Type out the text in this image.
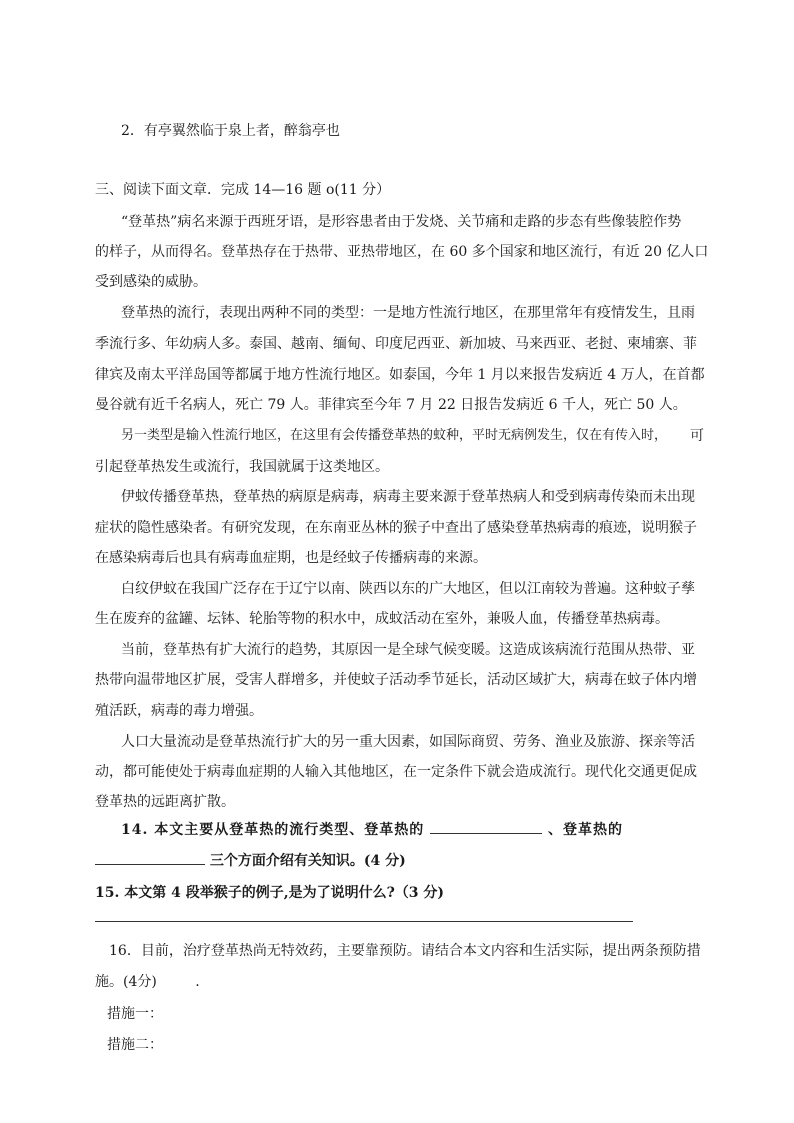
2．有亭翼然临于泉上者，醉翁亭也
三、阅读下面文章．完成 14—16 题 o(11 分）
“登革热”病名来源于西班牙语，是形容患者由于发烧、关节痛和走路的步态有些像装腔作势
的样子，从而得名。登革热存在于热带、亚热带地区，在 60 多个国家和地区流行，有近 20 亿人口
受到感染的威胁。
登革热的流行，表现出两种不同的类型：一是地方性流行地区，在那里常年有疫情发生，且雨
季流行多、年幼病人多。泰国、越南、缅甸、印度尼西亚、新加坡、马来西亚、老挝、柬埔寨、菲
律宾及南太平洋岛国等都属于地方性流行地区。如泰国，今年 1 月以来报告发病近 4 万人，在首都
曼谷就有近千名病人，死亡 79 人。菲律宾至今年 7 月 22 日报告发病近 6 千人，死亡 50 人。
另一类型是输入性流行地区，在这里有会传播登革热的蚊种，平时无病例发生，仅在有传入时， 可
引起登革热发生或流行，我国就属于这类地区。
伊蚊传播登革热，登革热的病原是病毒，病毒主要来源于登革热病人和受到病毒传染而未出现
症状的隐性感染者。有研究发现，在东南亚丛林的猴子中查出了感染登革热病毒的痕迹，说明猴子
在感染病毒后也具有病毒血症期，也是经蚊子传播病毒的来源。
白纹伊蚊在我国广泛存在于辽宁以南、陕西以东的广大地区，但以江南较为普遍。这种蚊子孳
生在废弃的盆罐、坛钵、轮胎等物的积水中，成蚊活动在室外，兼吸人血，传播登革热病毒。
当前，登革热有扩大流行的趋势，其原因一是全球气候变暖。这造成该病流行范围从热带、亚
热带向温带地区扩展，受害人群增多，并使蚊子活动季节延长，活动区域扩大，病毒在蚊子体内增
殖活跃，病毒的毒力增强。
人口大量流动是登革热流行扩大的另一重大因素，如国际商贸、劳务、渔业及旅游、探亲等活
动，都可能使处于病毒血症期的人输入其他地区，在一定条件下就会造成流行。现代化交通更促成
登革热的远距离扩散。
14. 本文主要从登革热的流行类型、登革热的	、登革热的
三个方面介绍有关知识。(4 分)
15. 本文第 4 段举猴子的例子,是为了说明什么?（3 分)
16．目前，治疗登革热尚无特效药，主要靠预防。请结合本文内容和生活实际，提出两条预防措
施。(4分)	.
措施一：
措施二：
